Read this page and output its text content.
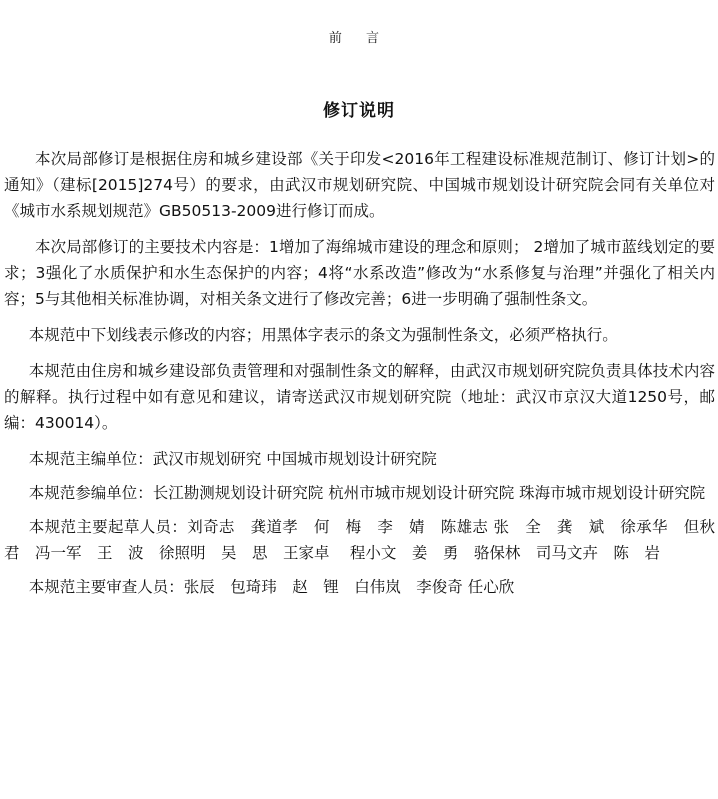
前 言
修订说明

本次局部修订是根据住房和城乡建设部《关于印发<2016年工程建设标准规范制订、修订计划>的通知》（建标[2015]274号）的要求，由武汉市规划研究院、中国城市规划设计研究院会同有关单位对《城市水系规划规范》GB50513-2009进行修订而成。

本次局部修订的主要技术内容是：1增加了海绵城市建设的理念和原则； 2增加了城市蓝线划定的要求；3强化了水质保护和水生态保护的内容；4将“水系改造”修改为“水系修复与治理”并强化了相关内容；5与其他相关标准协调，对相关条文进行了修改完善；6进一步明确了强制性条文。

本规范中下划线表示修改的内容；用黑体字表示的条文为强制性条文，必须严格执行。

本规范由住房和城乡建设部负责管理和对强制性条文的解释，由武汉市规划研究院负责具体技术内容的解释。执行过程中如有意见和建议，请寄送武汉市规划研究院（地址：武汉市京汉大道1250号，邮编：430014）。

本规范主编单位：武汉市规划研究 中国城市规划设计研究院

本规范参编单位：长江勘测规划设计研究院 杭州市城市规划设计研究院 珠海市城市规划设计研究院

本规范主要起草人员：刘奇志　龚道孝　何　梅　李　婧　陈雄志 张　全　龚　斌　徐承华　但秋君　冯一军　王　波　徐照明　吴　思　王家卓　 程小文　姜　勇　骆保林　司马文卉　陈　岩

本规范主要审查人员：张辰　包琦玮　赵　锂　白伟岚　李俊奇 任心欣
